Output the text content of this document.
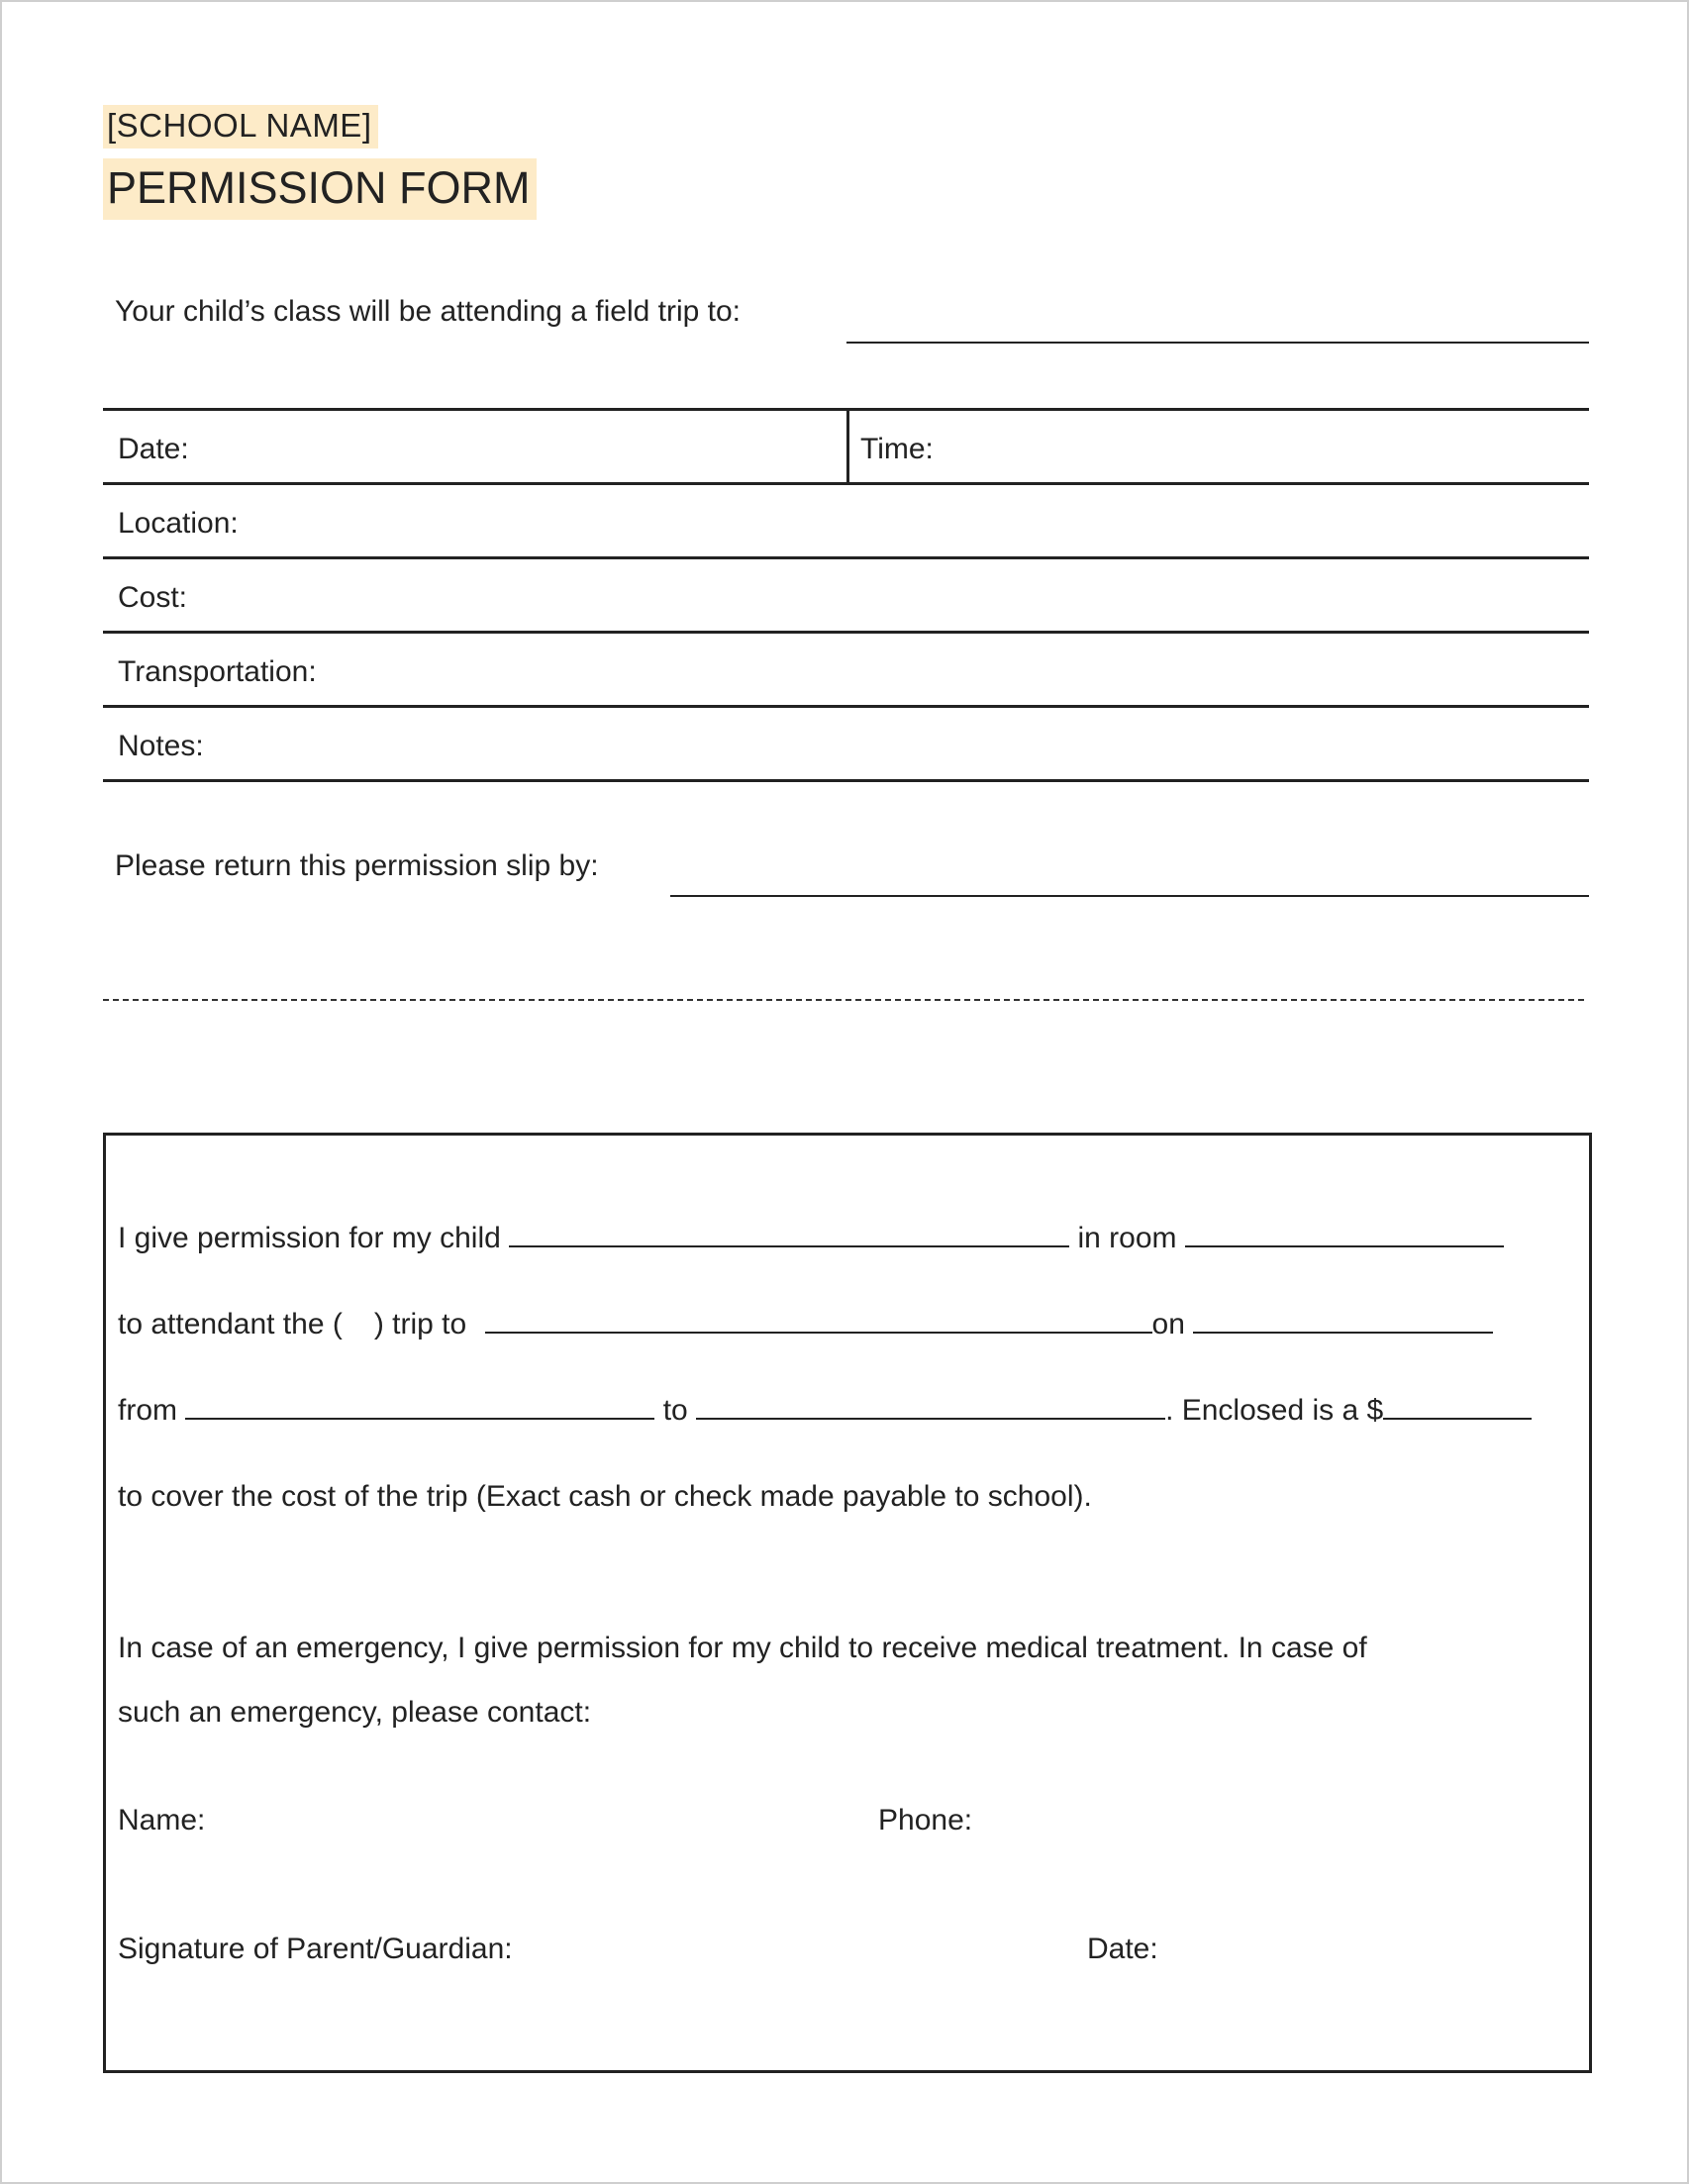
[SCHOOL NAME]
PERMISSION FORM
Your child’s class will be attending a field trip to:
Date:	Time:
Location:
Cost:
Transportation:
Notes:
Please return this permission slip by:
I give permission for my child	in room
to attendant the ( ) trip to	on
from	to	. Enclosed is a $
to cover the cost of the trip (Exact cash or check made payable to school).
In case of an emergency, I give permission for my child to receive medical treatment. In case of
such an emergency, please contact:
Name:	Phone:
Signature of Parent/Guardian:	Date:
